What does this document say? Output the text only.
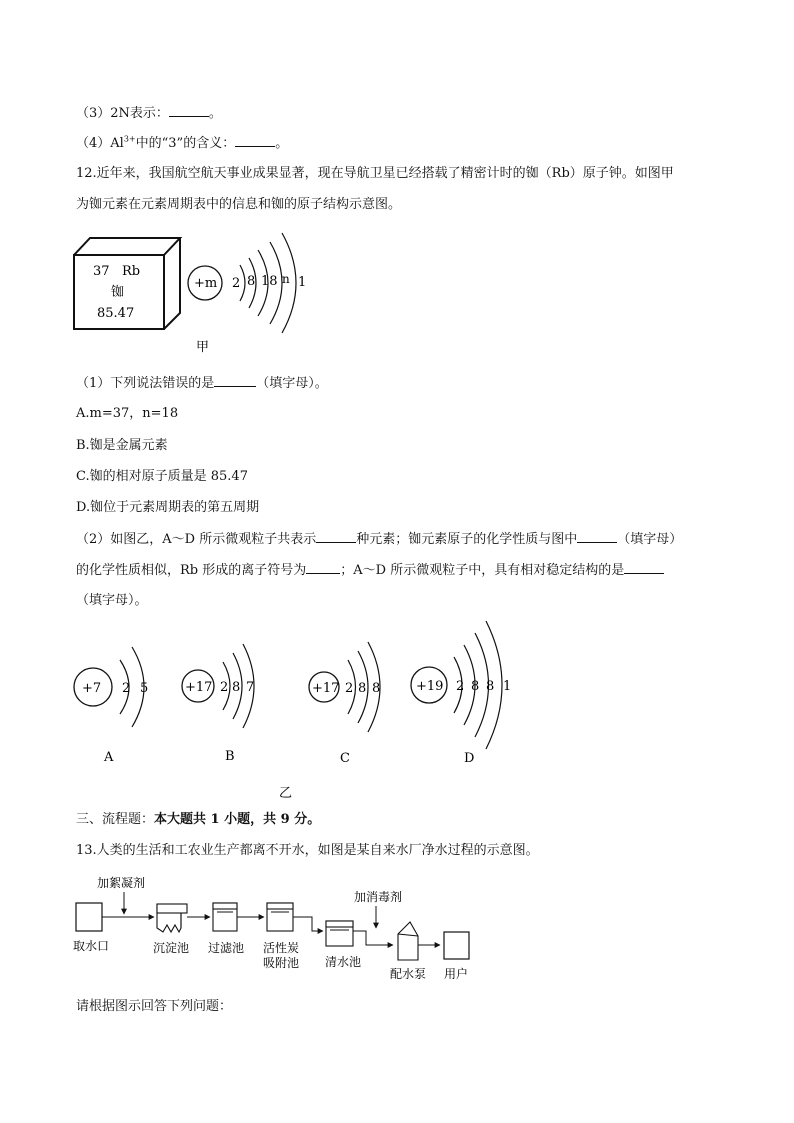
（3）2N表示：	。
$(4)Al^{3+}$中的“3”的含义：	。
12.近年来，我国航空航天事业成果显著，现在导航卫星已经搭载了精密计时的铷（Rb）原子钟。如图甲
为铷元素在元素周期表中的信息和铷的原子结构示意图。
37 Rb
铷
85.47
+m 2 8 18 n 1
甲
（1）下列说法错误的是	（填字母）。
A.m=37，n=18
B.铷是金属元素
C.铷的相对原子质量是 85.47
D.铷位于元素周期表的第五周期
（2）如图乙，A～D 所示微观粒子共表示	种元素；铷元素原子的化学性质与图中	（填字母）
的化学性质相似，Rb 形成的离子符号为	；A～D 所示微观粒子中，具有相对稳定结构的是
（填字母）。
+7 2 5
A
+17 2 8 7
B
+17 2 8 8
C
+19 2 8 8 1
D
乙
三、流程题：本大题共 1 小题，共 9 分。
13.人类的生活和工农业生产都离不开水，如图是某自来水厂净水过程的示意图。
加絮凝剂
加消毒剂
取水口	沉淀池 过滤池 活性炭
吸附池 清水池
配水泵 用户
请根据图示回答下列问题：
